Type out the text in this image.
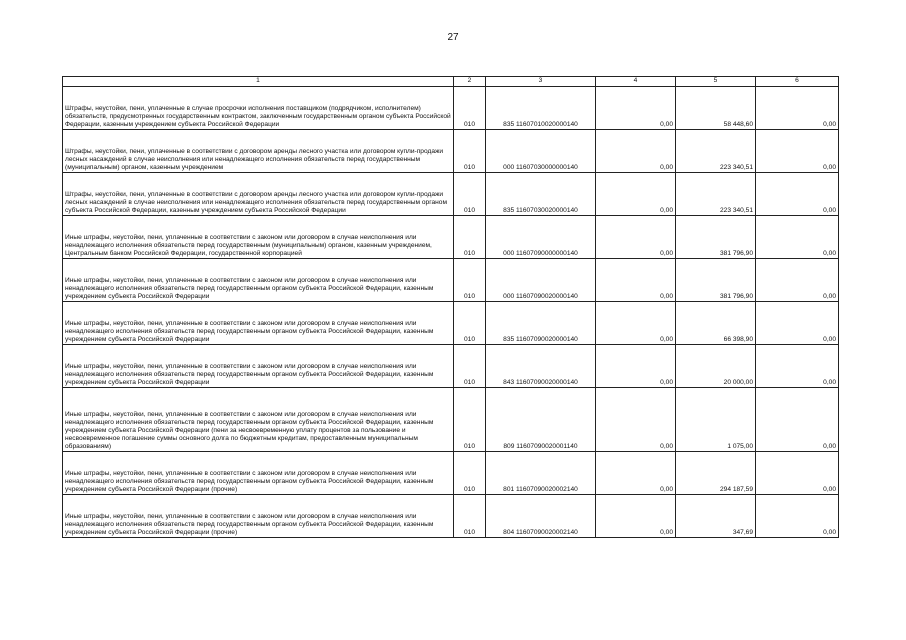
27
1	2	3	4	5	6
Штрафы, неустойки, пени, уплаченные в случае просрочки исполнения поставщиком (подрядчиком, исполнителем) обязательств, предусмотренных государственным контрактом, заключенным государственным органом субъекта Российской Федерации, казенным учреждением субъекта Российской Федерации	010	835 11607010020000140	0,00	58 448,60	0,00
Штрафы, неустойки, пени, уплаченные в соответствии с договором аренды лесного участка или договором купли-продажи лесных насаждений в случае неисполнения или ненадлежащего исполнения обязательств перед государственным (муниципальным) органом, казенным учреждением	010	000 11607030000000140	0,00	223 340,51	0,00
Штрафы, неустойки, пени, уплаченные в соответствии с договором аренды лесного участка или договором купли-продажи лесных насаждений в случае неисполнения или ненадлежащего исполнения обязательств перед государственным органом субъекта Российской Федерации, казенным учреждением субъекта Российской Федерации	010	835 11607030020000140	0,00	223 340,51	0,00
Иные штрафы, неустойки, пени, уплаченные в соответствии с законом или договором в случае неисполнения или ненадлежащего исполнения обязательств перед государственным (муниципальным) органом, казенным учреждением, Центральным банком Российской Федерации, государственной корпорацией	010	000 11607090000000140	0,00	381 796,90	0,00
Иные штрафы, неустойки, пени, уплаченные в соответствии с законом или договором в случае неисполнения или ненадлежащего исполнения обязательств перед государственным органом субъекта Российской Федерации, казенным учреждением субъекта Российской Федерации	010	000 11607090020000140	0,00	381 796,90	0,00
Иные штрафы, неустойки, пени, уплаченные в соответствии с законом или договором в случае неисполнения или ненадлежащего исполнения обязательств перед государственным органом субъекта Российской Федерации, казенным учреждением субъекта Российской Федерации	010	835 11607090020000140	0,00	66 398,90	0,00
Иные штрафы, неустойки, пени, уплаченные в соответствии с законом или договором в случае неисполнения или ненадлежащего исполнения обязательств перед государственным органом субъекта Российской Федерации, казенным учреждением субъекта Российской Федерации	010	843 11607090020000140	0,00	20 000,00	0,00
Иные штрафы, неустойки, пени, уплаченные в соответствии с законом или договором в случае неисполнения или ненадлежащего исполнения обязательств перед государственным органом субъекта Российской Федерации, казенным учреждением субъекта Российской Федерации (пени за несвоевременную уплату процентов за пользование и несвоевременное погашение суммы основного долга по бюджетным кредитам, предоставленным муниципальным образованиям)	010	809 11607090020001140	0,00	1 075,00	0,00
Иные штрафы, неустойки, пени, уплаченные в соответствии с законом или договором в случае неисполнения или ненадлежащего исполнения обязательств перед государственным органом субъекта Российской Федерации, казенным учреждением субъекта Российской Федерации (прочие)	010	801 11607090020002140	0,00	294 187,59	0,00
Иные штрафы, неустойки, пени, уплаченные в соответствии с законом или договором в случае неисполнения или ненадлежащего исполнения обязательств перед государственным органом субъекта Российской Федерации, казенным учреждением субъекта Российской Федерации (прочие)	010	804 11607090020002140	0,00	347,69	0,00
